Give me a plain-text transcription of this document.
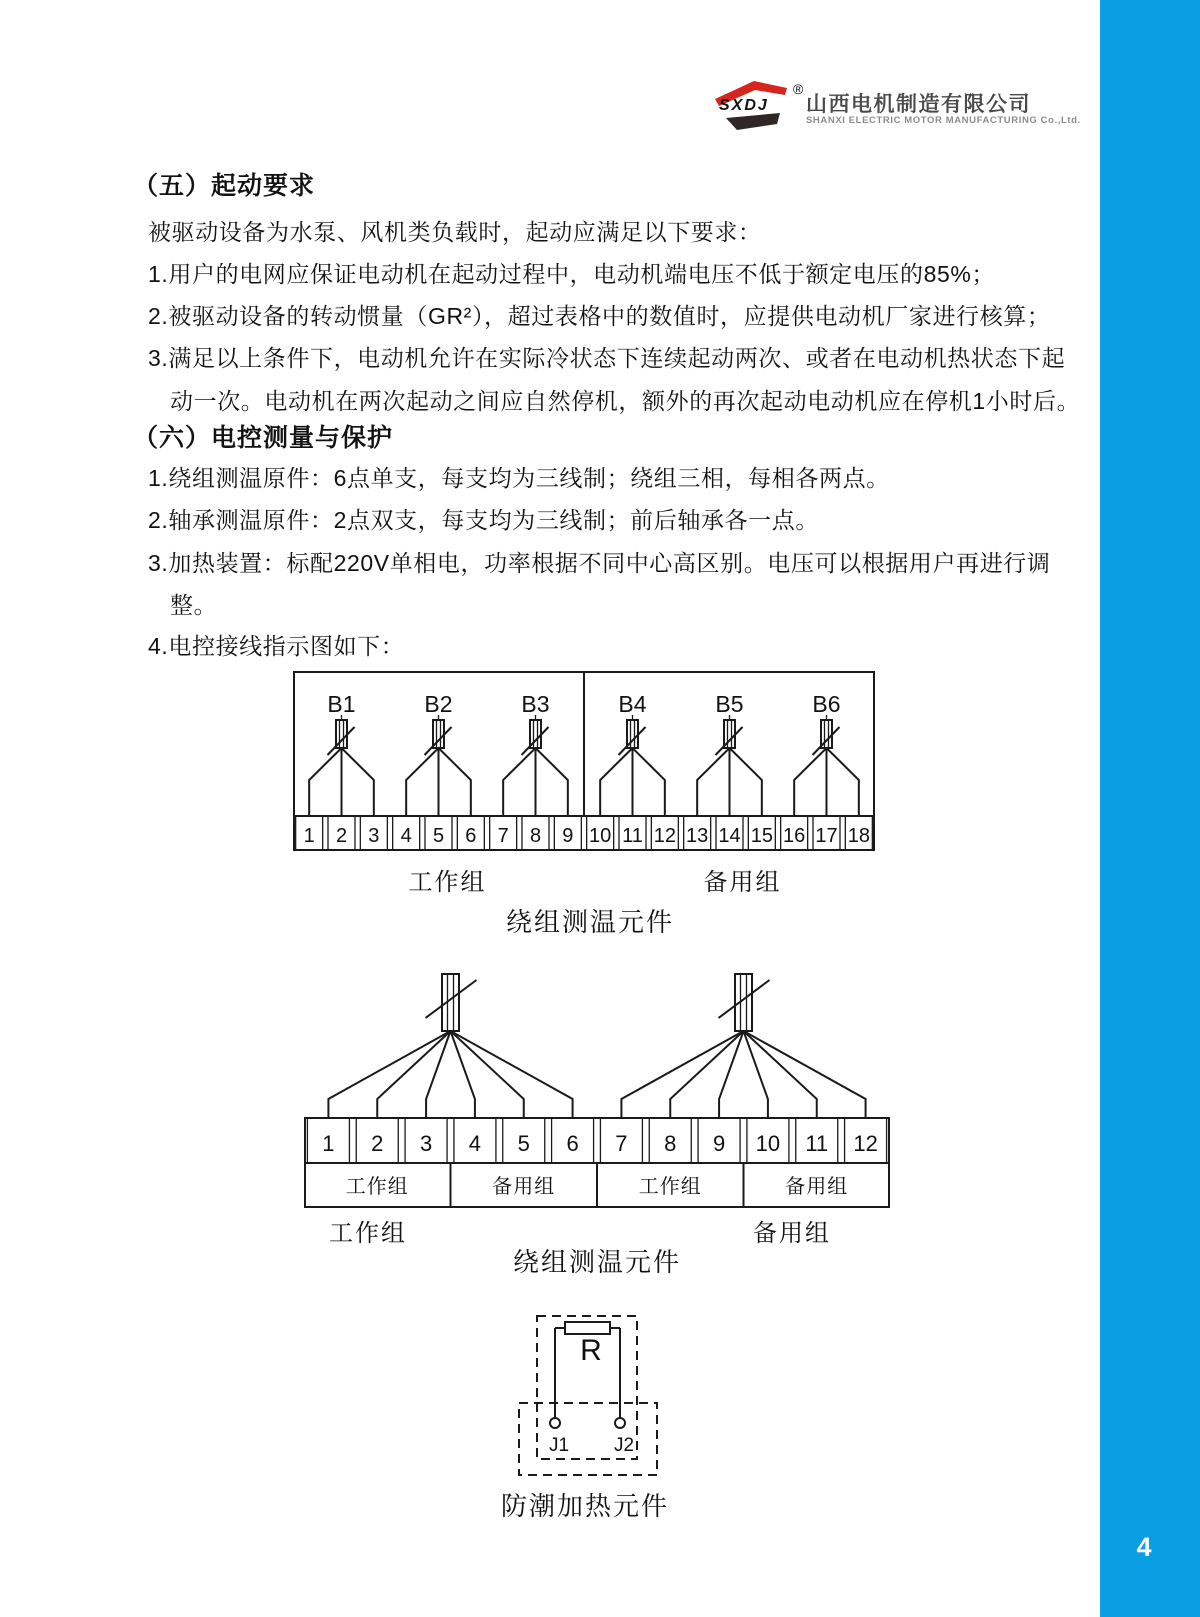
4
SXDJ
®
山西电机制造有限公司
SHANXI ELECTRIC MOTOR MANUFACTURING Co.,Ltd.
（五）起动要求
被驱动设备为水泵、风机类负载时，起动应满足以下要求：
1.用户的电网应保证电动机在起动过程中，电动机端电压不低于额定电压的85%；
2.被驱动设备的转动惯量（GR²），超过表格中的数值时，应提供电动机厂家进行核算；
3.满足以上条件下，电动机允许在实际冷状态下连续起动两次、或者在电动机热状态下起
动一次。电动机在两次起动之间应自然停机，额外的再次起动电动机应在停机1小时后。
（六）电控测量与保护
1.绕组测温原件：6点单支，每支均为三线制；绕组三相，每相各两点。
2.轴承测温原件：2点双支，每支均为三线制；前后轴承各一点。
3.加热装置：标配220V单相电，功率根据不同中心高区别。电压可以根据用户再进行调
整。
4.电控接线指示图如下：
1 2 3 4 5 6 7 8 9 10 11 12 13 14 15 16 17 18
B1	B2	B3	B4	B5	B6
工作组	备用组
绕组测温元件
1 2 3 4 5 6 7 8 9 10 11 12
工作组	备用组	工作组	备用组
工作组	备用组
绕组测温元件
R
J1 J2
防潮加热元件
